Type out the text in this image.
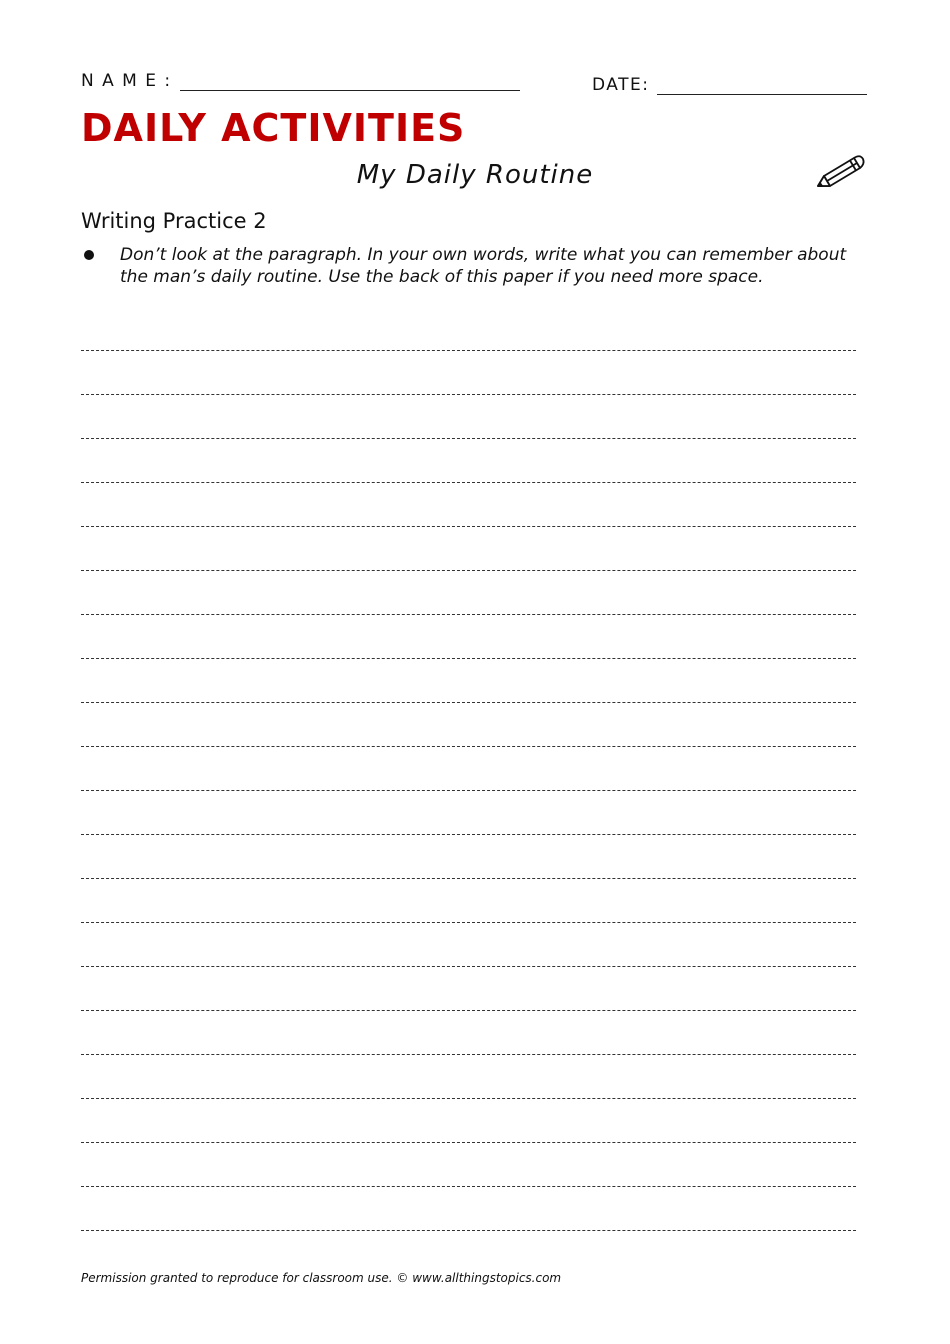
N A M E :	DATE:
DAILY ACTIVITIES
My Daily Routine
Writing Practice 2
Don’t look at the paragraph. In your own words, write what you can remember about the man’s daily routine. Use the back of this paper if you need more space.
Permission granted to reproduce for classroom use. © www.allthingstopics.com
